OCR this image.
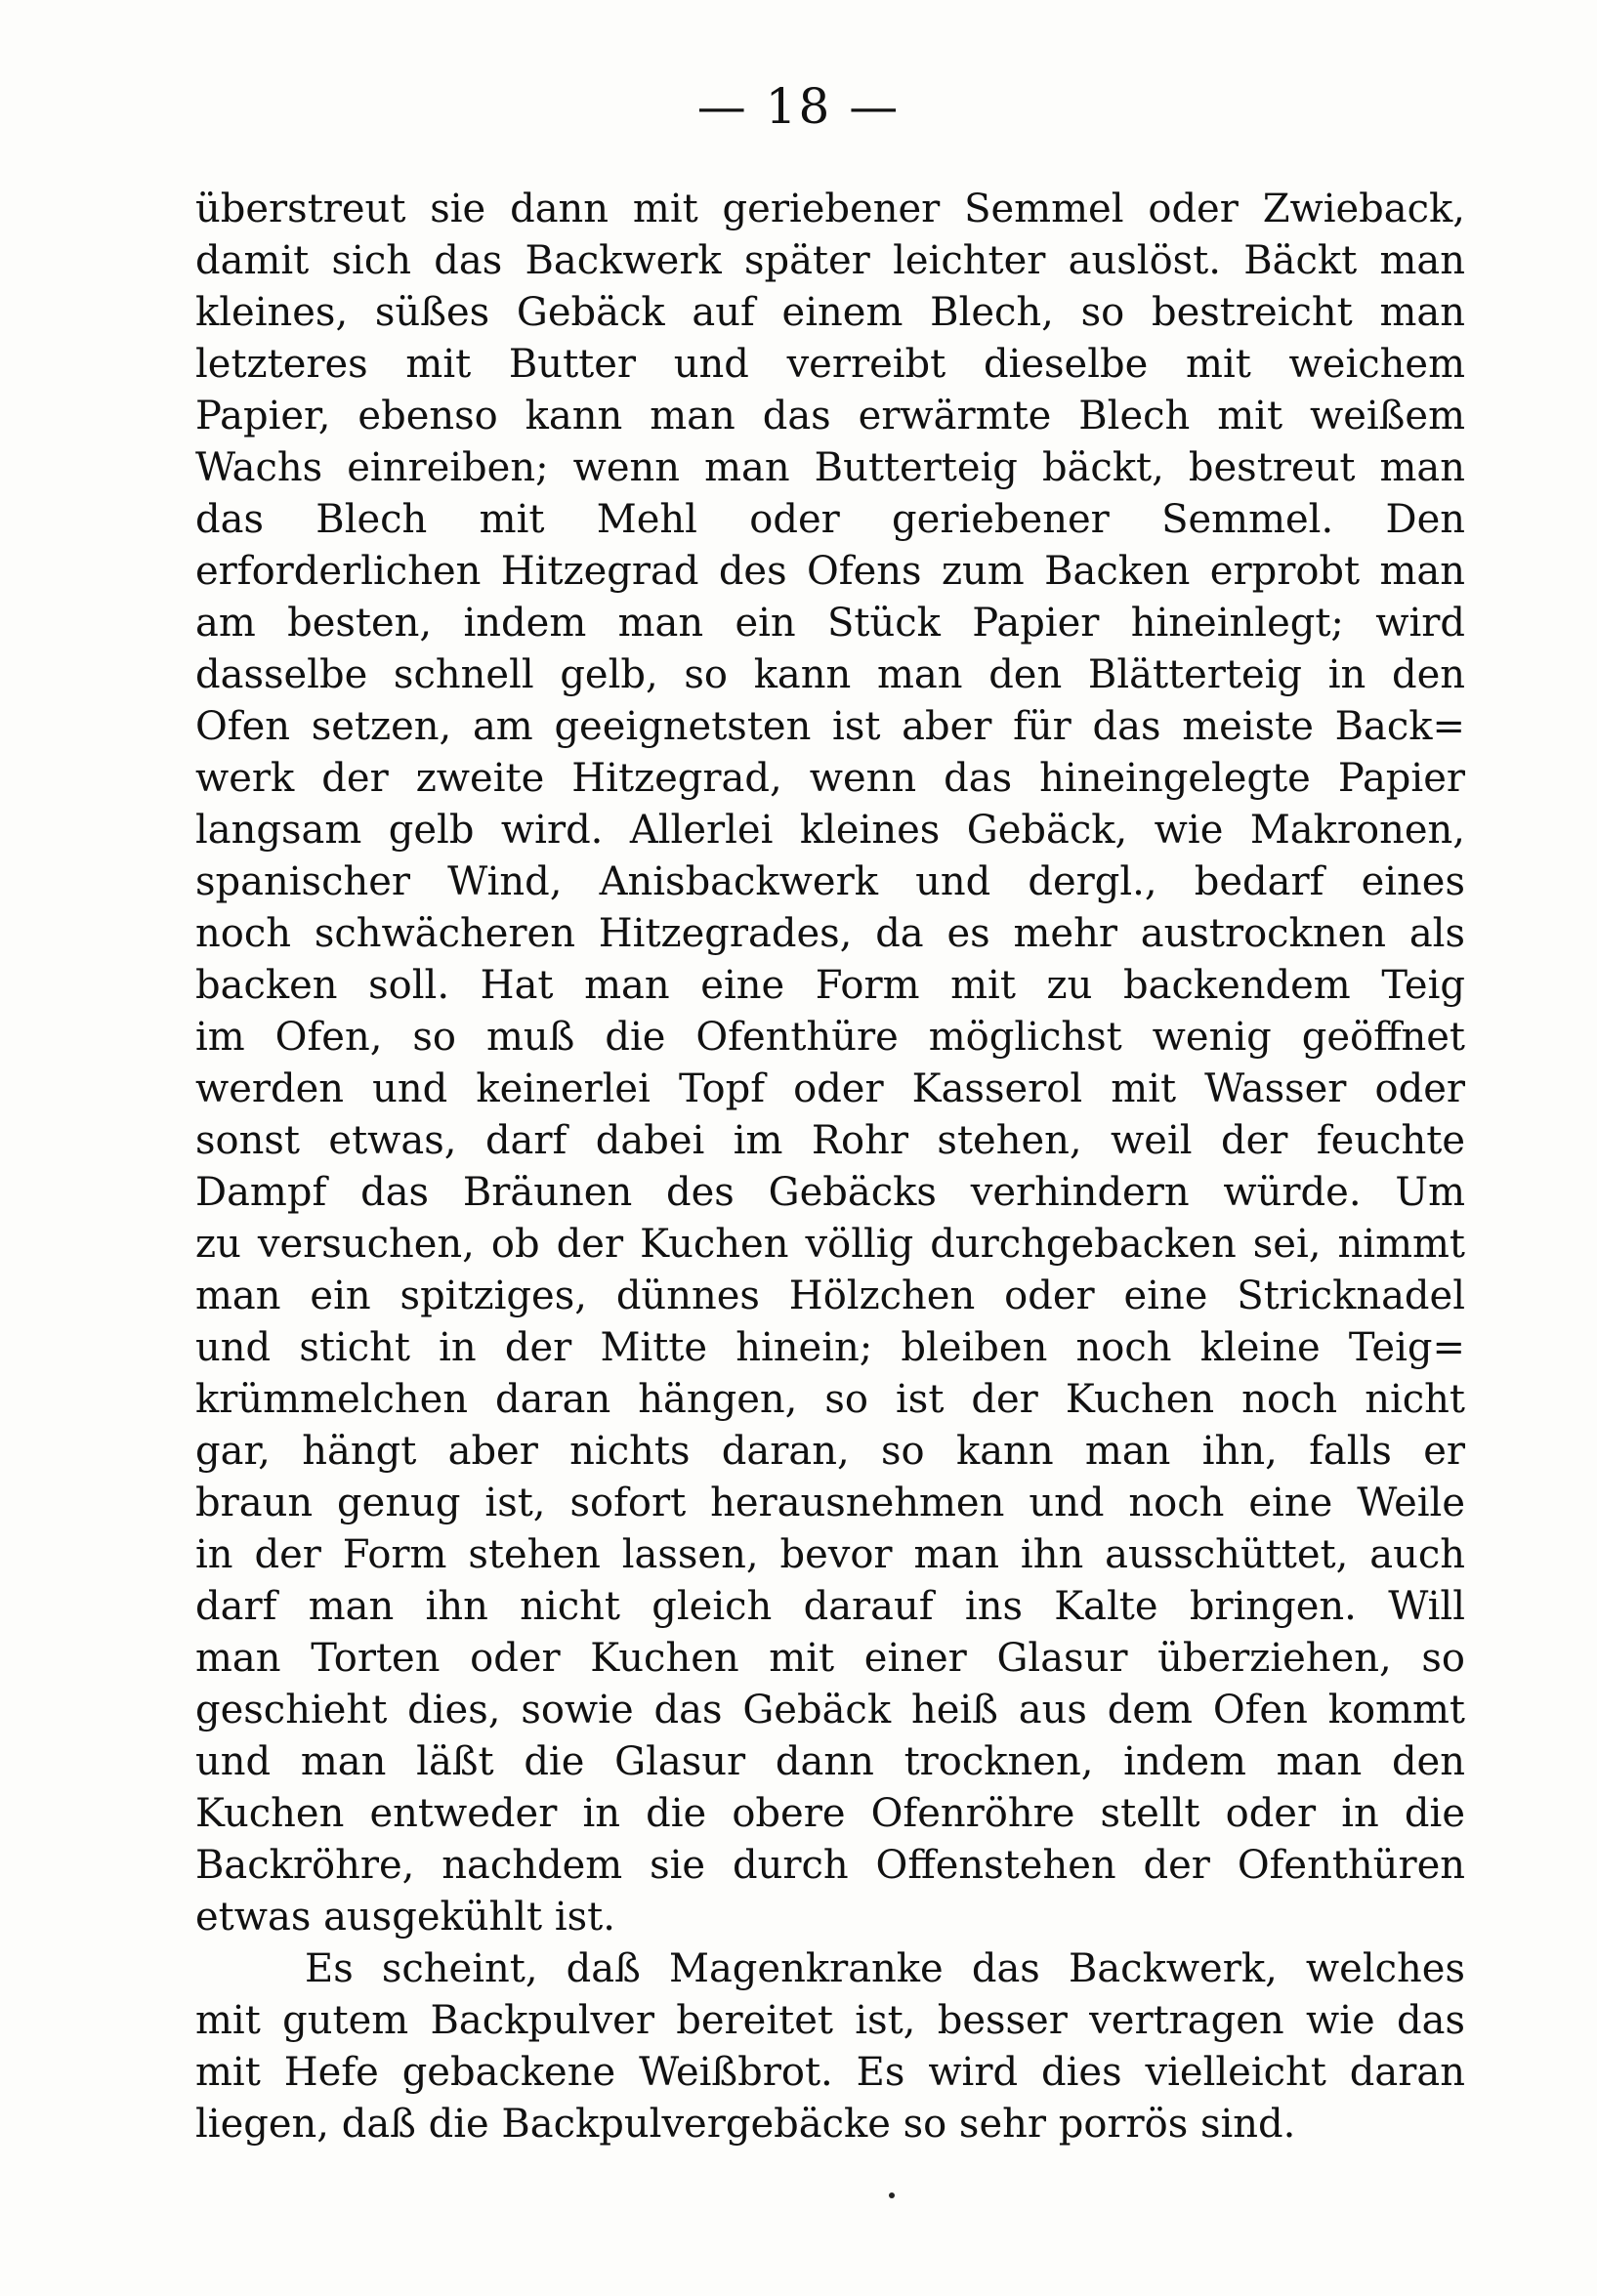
— 18 —
überstreut sie dann mit geriebener Semmel oder Zwieback,
damit sich das Backwerk später leichter auslöst. Bäckt man
kleines, süßes Gebäck auf einem Blech, so bestreicht man
letzteres mit Butter und verreibt dieselbe mit weichem
Papier, ebenso kann man das erwärmte Blech mit weißem
Wachs einreiben; wenn man Butterteig bäckt, bestreut man
das Blech mit Mehl oder geriebener Semmel. Den
erforderlichen Hitzegrad des Ofens zum Backen erprobt man
am besten, indem man ein Stück Papier hineinlegt; wird
dasselbe schnell gelb, so kann man den Blätterteig in den
Ofen setzen, am geeignetsten ist aber für das meiste Back=
werk der zweite Hitzegrad, wenn das hineingelegte Papier
langsam gelb wird. Allerlei kleines Gebäck, wie Makronen,
spanischer Wind, Anisbackwerk und dergl., bedarf eines
noch schwächeren Hitzegrades, da es mehr austrocknen als
backen soll. Hat man eine Form mit zu backendem Teig
im Ofen, so muß die Ofenthüre möglichst wenig geöffnet
werden und keinerlei Topf oder Kasserol mit Wasser oder
sonst etwas, darf dabei im Rohr stehen, weil der feuchte
Dampf das Bräunen des Gebäcks verhindern würde. Um
zu versuchen, ob der Kuchen völlig durchgebacken sei, nimmt
man ein spitziges, dünnes Hölzchen oder eine Stricknadel
und sticht in der Mitte hinein; bleiben noch kleine Teig=
krümmelchen daran hängen, so ist der Kuchen noch nicht
gar, hängt aber nichts daran, so kann man ihn, falls er
braun genug ist, sofort herausnehmen und noch eine Weile
in der Form stehen lassen, bevor man ihn ausschüttet, auch
darf man ihn nicht gleich darauf ins Kalte bringen. Will
man Torten oder Kuchen mit einer Glasur überziehen, so
geschieht dies, sowie das Gebäck heiß aus dem Ofen kommt
und man läßt die Glasur dann trocknen, indem man den
Kuchen entweder in die obere Ofenröhre stellt oder in die
Backröhre, nachdem sie durch Offenstehen der Ofenthüren
etwas ausgekühlt ist.
Es scheint, daß Magenkranke das Backwerk, welches
mit gutem Backpulver bereitet ist, besser vertragen wie das
mit Hefe gebackene Weißbrot. Es wird dies vielleicht daran
liegen, daß die Backpulvergebäcke so sehr porrös sind.
